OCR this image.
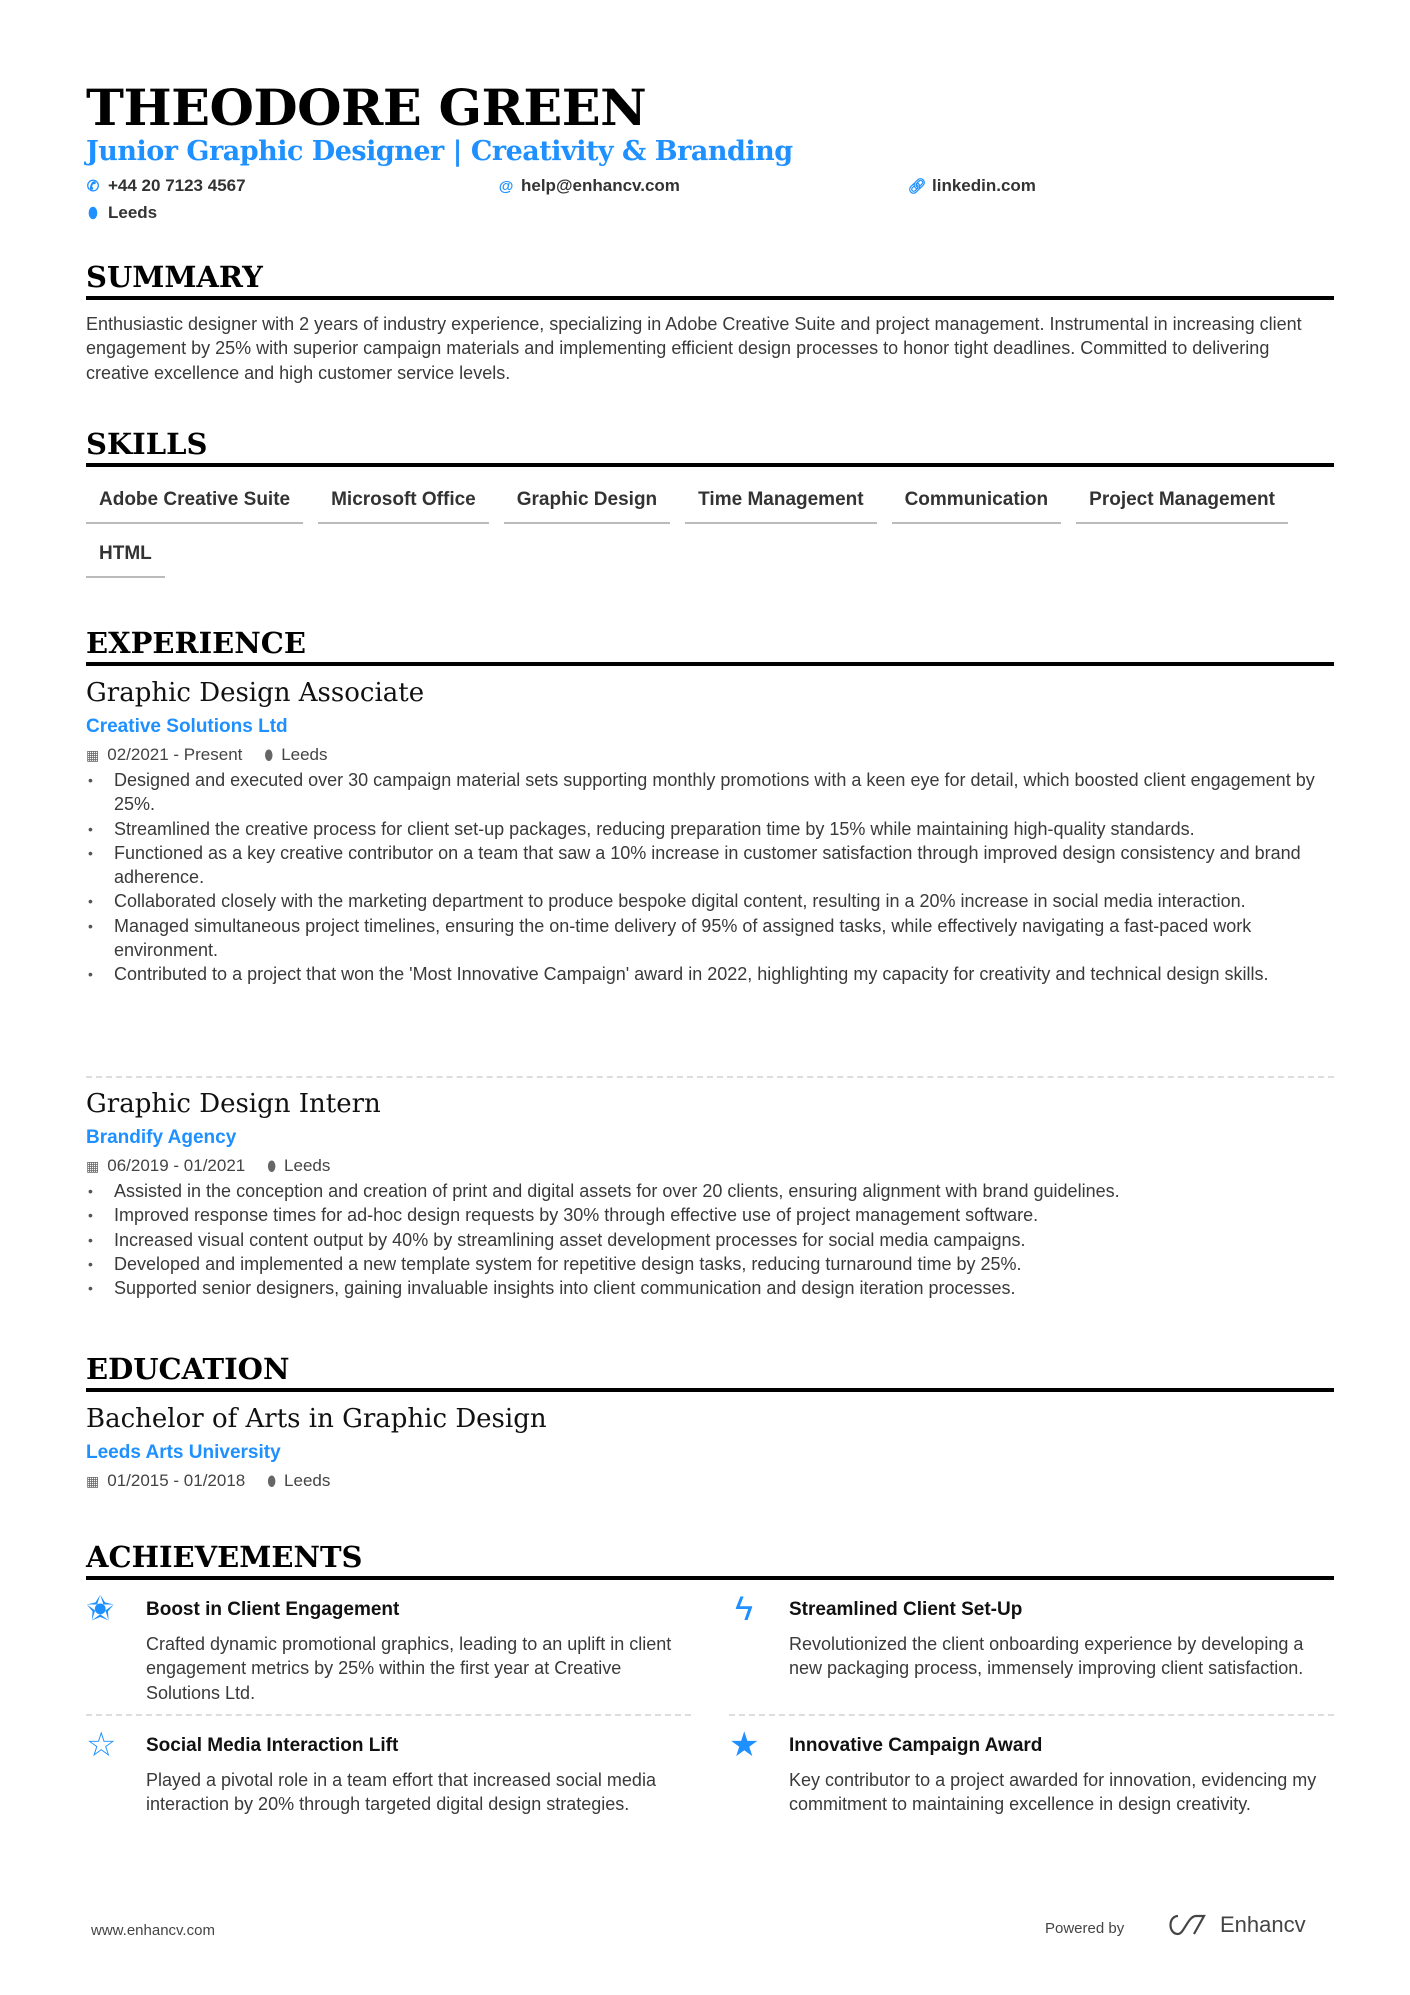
THEODORE GREEN
Junior Graphic Designer | Creativity & Branding
✆ +44 20 7123 4567	@ help@enhancv.com	🔗︎ linkedin.com
⬮ Leeds
SUMMARY
Enthusiastic designer with 2 years of industry experience, specializing in Adobe Creative Suite and project management. Instrumental in increasing client engagement by 25% with superior campaign materials and implementing efficient design processes to honor tight deadlines. Committed to delivering creative excellence and high customer service levels.
SKILLS
Adobe Creative Suite	Microsoft Office	Graphic Design	Time Management	Communication	Project Management
HTML
EXPERIENCE
Graphic Design Associate
Creative Solutions Ltd
▦ 02/2021 - Present ⬮ Leeds
• Designed and executed over 30 campaign material sets supporting monthly promotions with a keen eye for detail, which boosted client engagement by 25%.
• Streamlined the creative process for client set-up packages, reducing preparation time by 15% while maintaining high-quality standards.
• Functioned as a key creative contributor on a team that saw a 10% increase in customer satisfaction through improved design consistency and brand adherence.
• Collaborated closely with the marketing department to produce bespoke digital content, resulting in a 20% increase in social media interaction.
• Managed simultaneous project timelines, ensuring the on-time delivery of 95% of assigned tasks, while effectively navigating a fast-paced work environment.
• Contributed to a project that won the 'Most Innovative Campaign' award in 2022, highlighting my capacity for creativity and technical design skills.
Graphic Design Intern
Brandify Agency
▦ 06/2019 - 01/2021 ⬮ Leeds
• Assisted in the conception and creation of print and digital assets for over 20 clients, ensuring alignment with brand guidelines.
• Improved response times for ad-hoc design requests by 30% through effective use of project management software.
• Increased visual content output by 40% by streamlining asset development processes for social media campaigns.
• Developed and implemented a new template system for repetitive design tasks, reducing turnaround time by 25%.
• Supported senior designers, gaining invaluable insights into client communication and design iteration processes.
EDUCATION
Bachelor of Arts in Graphic Design
Leeds Arts University
▦ 01/2015 - 01/2018 ⬮ Leeds
ACHIEVEMENTS
✬ Boost in Client Engagement
Crafted dynamic promotional graphics, leading to an uplift in client engagement metrics by 25% within the first year at Creative Solutions Ltd.
ϟ Streamlined Client Set-Up
Revolutionized the client onboarding experience by developing a new packaging process, immensely improving client satisfaction.
☆ Social Media Interaction Lift
Played a pivotal role in a team effort that increased social media interaction by 20% through targeted digital design strategies.
★ Innovative Campaign Award
Key contributor to a project awarded for innovation, evidencing my commitment to maintaining excellence in design creativity.
www.enhancv.com	Powered by	Enhancv
